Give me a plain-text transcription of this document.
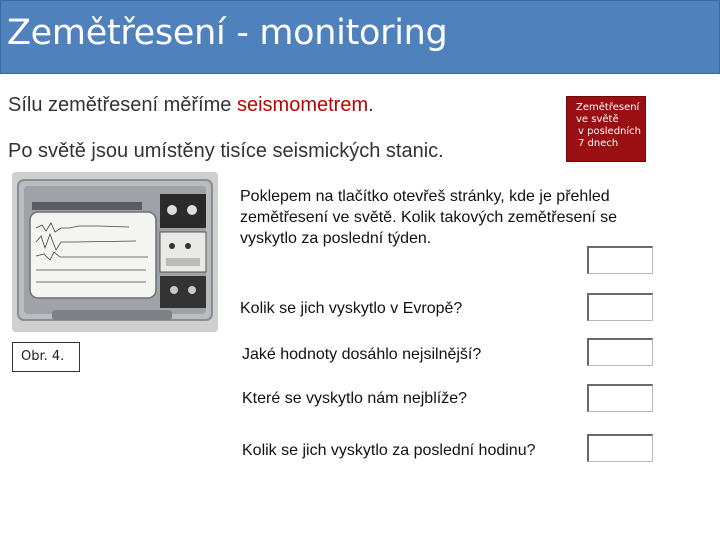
Zemětřesení - monitoring
Sílu zemětřesení měříme seismometrem.
Po světě jsou umístěny tisíce seismických stanic.
Zemětřesení
ve světě
v posledních
7 dnech
Obr. 4.
Poklepem na tlačítko otevřeš stránky, kde je přehled
zemětřesení ve světě. Kolik takových zemětřesení se
vyskytlo za poslední týden.
Kolik se jich vyskytlo v Evropě?
Jaké hodnoty dosáhlo nejsilnější?
Které se vyskytlo nám nejblíže?
Kolik se jich vyskytlo za poslední hodinu?
